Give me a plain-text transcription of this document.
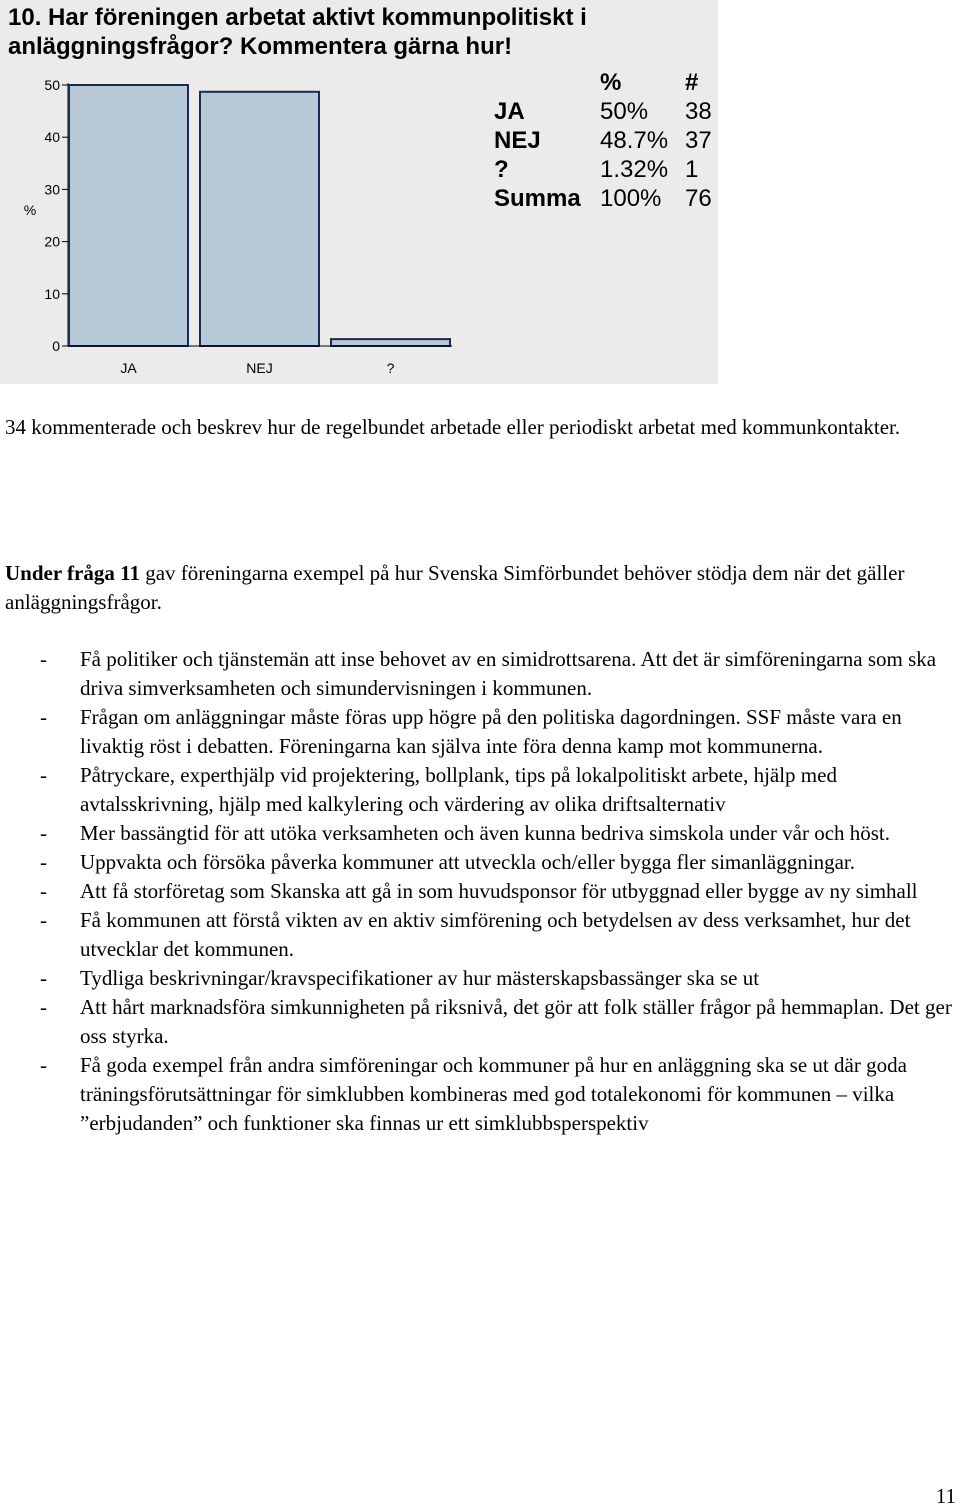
10. Har föreningen arbetat aktivt kommunpolitiskt i anläggningsfrågor? Kommentera gärna hur!
0
10
20
30
40
50
%
JA	NEJ	?
%	#
JA	50% 38
NEJ 48.7% 37
?	1.32% 1
Summa 100% 76

34 kommenterade och beskrev hur de regelbundet arbetade eller periodiskt arbetat med kommunkontakter.

Under fråga 11 gav föreningarna exempel på hur Svenska Simförbundet behöver stödja dem när det gäller anläggningsfrågor.

- Få politiker och tjänstemän att inse behovet av en simidrottsarena. Att det är simföreningarna som ska driva simverksamheten och simundervisningen i kommunen.
- Frågan om anläggningar måste föras upp högre på den politiska dagordningen. SSF måste vara en livaktig röst i debatten. Föreningarna kan själva inte föra denna kamp mot kommunerna.
- Påtryckare, experthjälp vid projektering, bollplank, tips på lokalpolitiskt arbete, hjälp med avtalsskrivning, hjälp med kalkylering och värdering av olika driftsalternativ
- Mer bassängtid för att utöka verksamheten och även kunna bedriva simskola under vår och höst.
- Uppvakta och försöka påverka kommuner att utveckla och/eller bygga fler simanläggningar.
- Att få storföretag som Skanska att gå in som huvudsponsor för utbyggnad eller bygge av ny simhall
- Få kommunen att förstå vikten av en aktiv simförening och betydelsen av dess verksamhet, hur det utvecklar det kommunen.
- Tydliga beskrivningar/kravspecifikationer av hur mästerskapsbassänger ska se ut
- Att hårt marknadsföra simkunnigheten på riksnivå, det gör att folk ställer frågor på hemmaplan. Det ger oss styrka.
- Få goda exempel från andra simföreningar och kommuner på hur en anläggning ska se ut där goda träningsförutsättningar för simklubben kombineras med god totalekonomi för kommunen – vilka ”erbjudanden” och funktioner ska finnas ur ett simklubbsperspektiv
11
